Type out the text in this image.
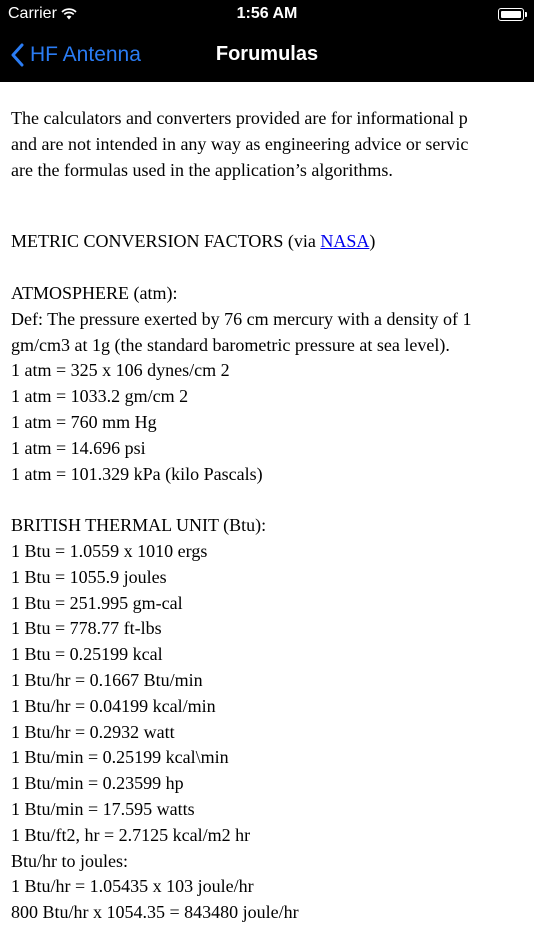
Carrier	1:56 AM
HF Antenna	Forumulas
The calculators and converters provided are for informational p
and are not intended in any way as engineering advice or servic
are the formulas used in the application’s algorithms.
METRIC CONVERSION FACTORS (via NASA)
ATMOSPHERE (atm):
Def: The pressure exerted by 76 cm mercury with a density of 1
gm/cm3 at 1g (the standard barometric pressure at sea level).
1 atm = 325 x 106 dynes/cm 2
1 atm = 1033.2 gm/cm 2
1 atm = 760 mm Hg
1 atm = 14.696 psi
1 atm = 101.329 kPa (kilo Pascals)
BRITISH THERMAL UNIT (Btu):
1 Btu = 1.0559 x 1010 ergs
1 Btu = 1055.9 joules
1 Btu = 251.995 gm-cal
1 Btu = 778.77 ft-lbs
1 Btu = 0.25199 kcal
1 Btu/hr = 0.1667 Btu/min
1 Btu/hr = 0.04199 kcal/min
1 Btu/hr = 0.2932 watt
1 Btu/min = 0.25199 kcal\min
1 Btu/min = 0.23599 hp
1 Btu/min = 17.595 watts
1 Btu/ft2, hr = 2.7125 kcal/m2 hr
Btu/hr to joules:
1 Btu/hr = 1.05435 x 103 joule/hr
800 Btu/hr x 1054.35 = 843480 joule/hr
